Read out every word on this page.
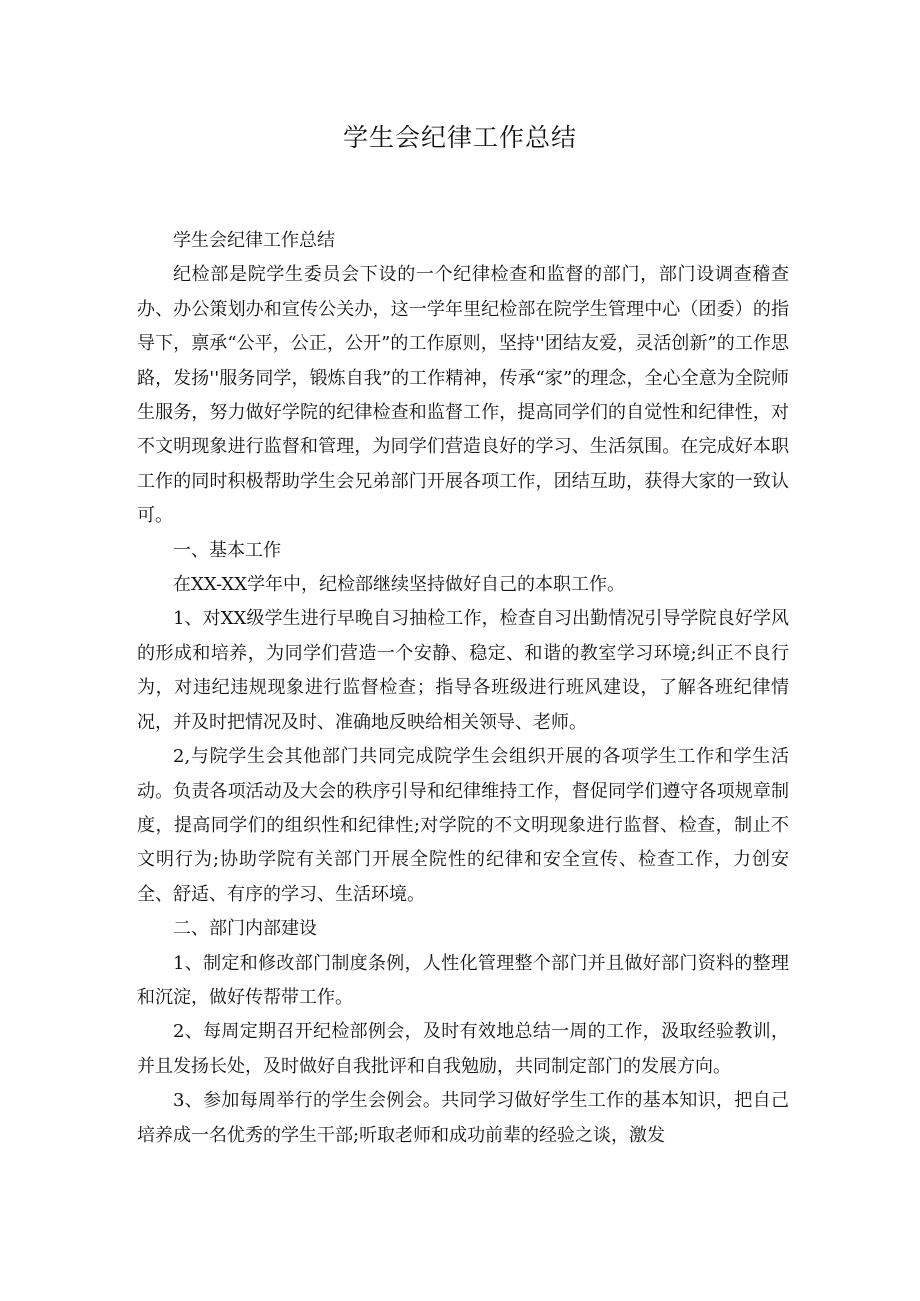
学生会纪律工作总结

学生会纪律工作总结

纪检部是院学生委员会下设的一个纪律检查和监督的部门，部门设调查稽查办、办公策划办和宣传公关办，这一学年里纪检部在院学生管理中心（团委）的指导下，禀承“公平，公正，公开”的工作原则，坚持''团结友爱，灵活创新”的工作思路，发扬''服务同学，锻炼自我”的工作精神，传承“家”的理念，全心全意为全院师生服务，努力做好学院的纪律检查和监督工作，提高同学们的自觉性和纪律性，对不文明现象进行监督和管理，为同学们营造良好的学习、生活氛围。在完成好本职工作的同时积极帮助学生会兄弟部门开展各项工作，团结互助，获得大家的一致认可。

一、基本工作

在XX-XX学年中，纪检部继续坚持做好自己的本职工作。

1、对XX级学生进行早晚自习抽检工作，检查自习出勤情况引导学院良好学风的形成和培养，为同学们营造一个安静、稳定、和谐的教室学习环境;纠正不良行为，对违纪违规现象进行监督检查；指导各班级进行班风建设，了解各班纪律情况，并及时把情况及时、准确地反映给相关领导、老师。

2,与院学生会其他部门共同完成院学生会组织开展的各项学生工作和学生活动。负责各项活动及大会的秩序引导和纪律维持工作，督促同学们遵守各项规章制度，提高同学们的组织性和纪律性;对学院的不文明现象进行监督、检查，制止不文明行为;协助学院有关部门开展全院性的纪律和安全宣传、检查工作，力创安全、舒适、有序的学习、生活环境。

二、部门内部建设

1、制定和修改部门制度条例，人性化管理整个部门并且做好部门资料的整理和沉淀，做好传帮带工作。

2、每周定期召开纪检部例会，及时有效地总结一周的工作，汲取经验教训，并且发扬长处，及时做好自我批评和自我勉励，共同制定部门的发展方向。

3、参加每周举行的学生会例会。共同学习做好学生工作的基本知识，把自己培养成一名优秀的学生干部;听取老师和成功前辈的经验之谈，激发
